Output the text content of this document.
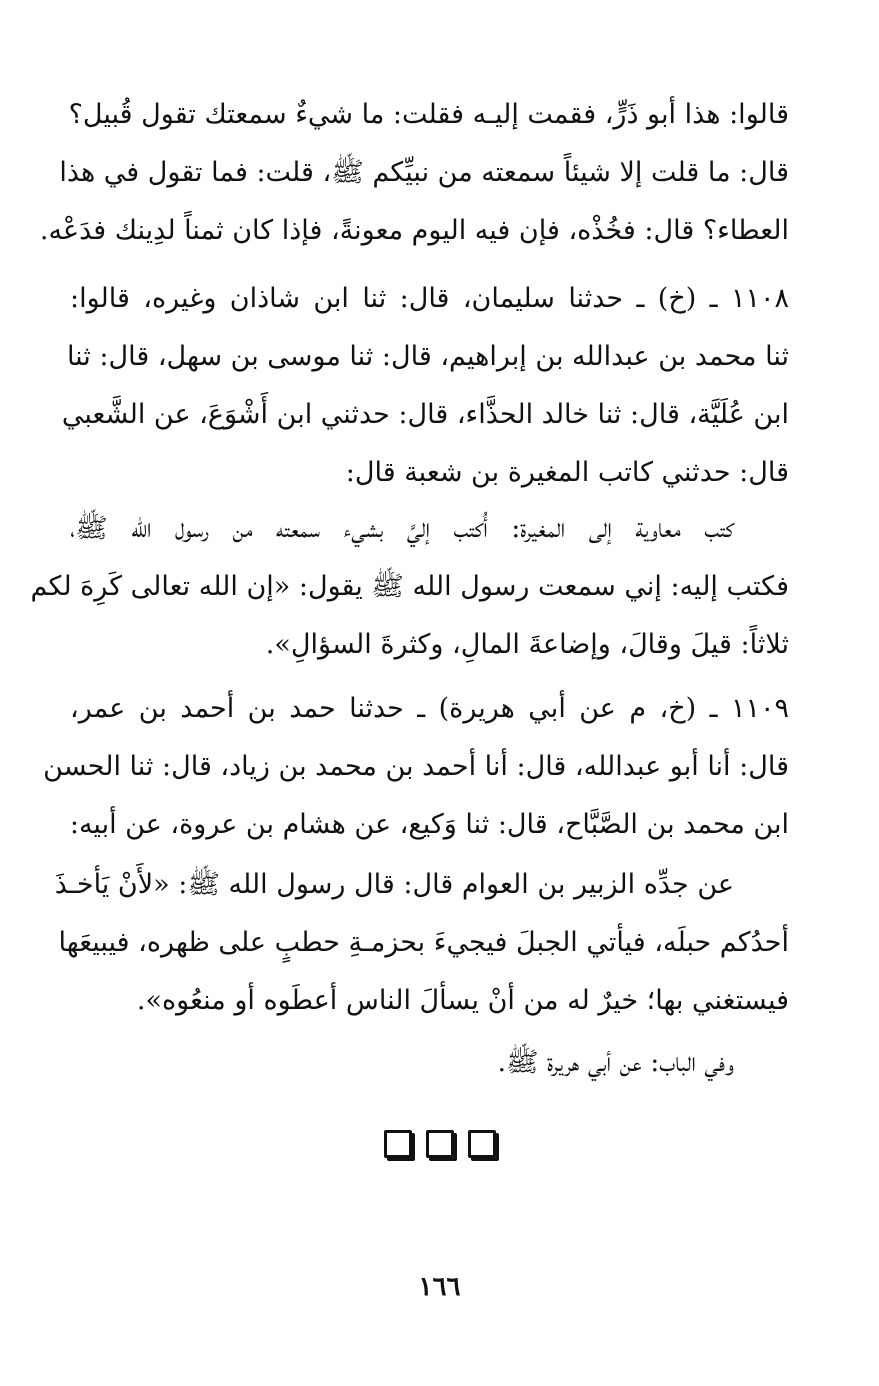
قالوا: هذا أبو ذَرٍّ، فقمت إليـه فقلت: ما شيءٌ سمعتك تقول قُبيل؟
قال: ما قلت إلا شيئاً سمعته من نبيِّكم ﷺ، قلت: فما تقول في هذا
العطاء؟ قال: فخُذْه، فإن فيه اليوم معونةً، فإذا كان ثمناً لدِينك فدَعْه.
١١٠٨ ـ (خ) ـ حدثنا سليمان، قال: ثنا ابن شاذان وغيره، قالوا:
ثنا محمد بن عبدالله بن إبراهيم، قال: ثنا موسى بن سهل، قال: ثنا
ابن عُلَيَّة، قال: ثنا خالد الحذَّاء، قال: حدثني ابن أَشْوَعَ، عن الشَّعبي
قال: حدثني كاتب المغيرة بن شعبة قال:
كتب معاوية إلى المغيرة: أُكتب إليَّ بشيء سمعته من رسول الله ﷺ،
فكتب إليه: إني سمعت رسول الله ﷺ يقول: «إن الله تعالى كَرِهَ لكم
ثلاثاً: قيلَ وقالَ، وإضاعةَ المالِ، وكثرةَ السؤالِ».
١١٠٩ ـ (خ، م عن أبي هريرة) ـ حدثنا حمد بن أحمد بن عمر،
قال: أنا أبو عبدالله، قال: أنا أحمد بن محمد بن زياد، قال: ثنا الحسن
ابن محمد بن الصَّبَّاح، قال: ثنا وَكيع، عن هشام بن عروة، عن أبيه:
عن جدِّه الزبير بن العوام قال: قال رسول الله ﷺ: «لأَنْ يَأخـذَ
أحدُكم حبلَه، فيأتي الجبلَ فيجيءَ بحزمـةِ حطبٍ على ظهره، فيبيعَها
فيستغني بها؛ خيرٌ له من أنْ يسألَ الناس أعطَوه أو منعُوه».
وفي الباب: عن أبي هريرة ﷺ.
١٦٦
